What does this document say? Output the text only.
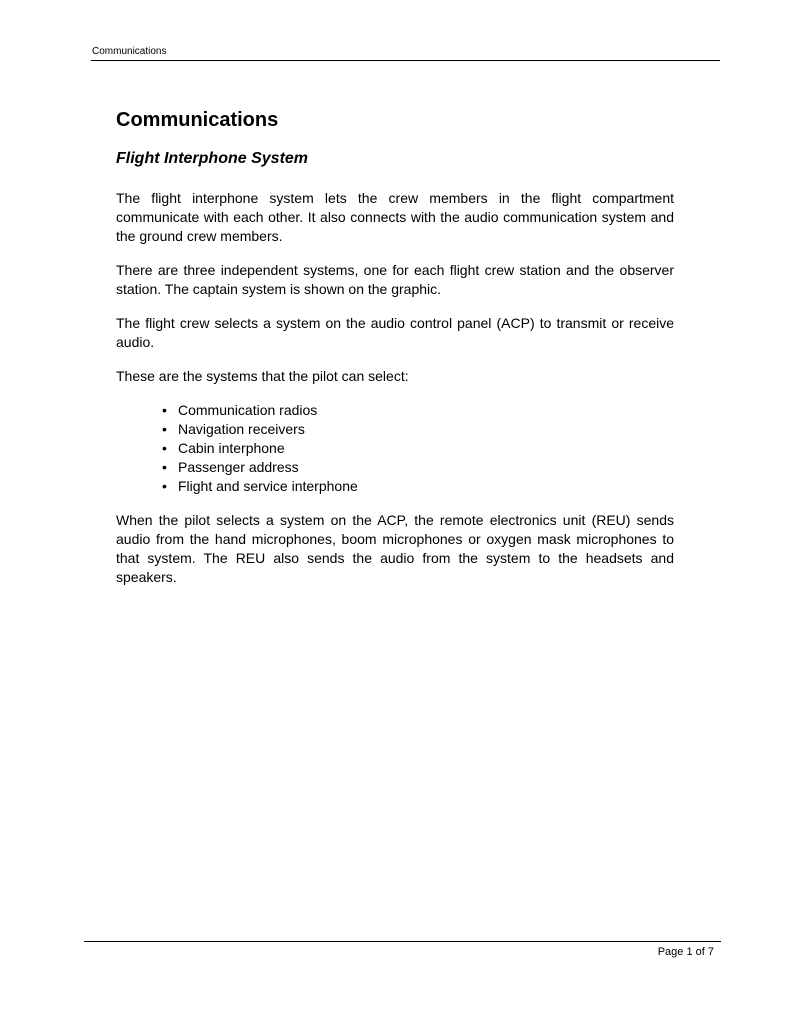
Communications
Communications
Flight Interphone System

The flight interphone system lets the crew members in the flight compartment communicate with each other. It also connects with the audio communication system and the ground crew members.

There are three independent systems, one for each flight crew station and the observer station. The captain system is shown on the graphic.

The flight crew selects a system on the audio control panel (ACP) to transmit or receive audio.

These are the systems that the pilot can select:

• Communication radios
• Navigation receivers
• Cabin interphone
• Passenger address
• Flight and service interphone

When the pilot selects a system on the ACP, the remote electronics unit (REU) sends audio from the hand microphones, boom microphones or oxygen mask microphones to that system. The REU also sends the audio from the system to the headsets and speakers.

Page 1 of 7
